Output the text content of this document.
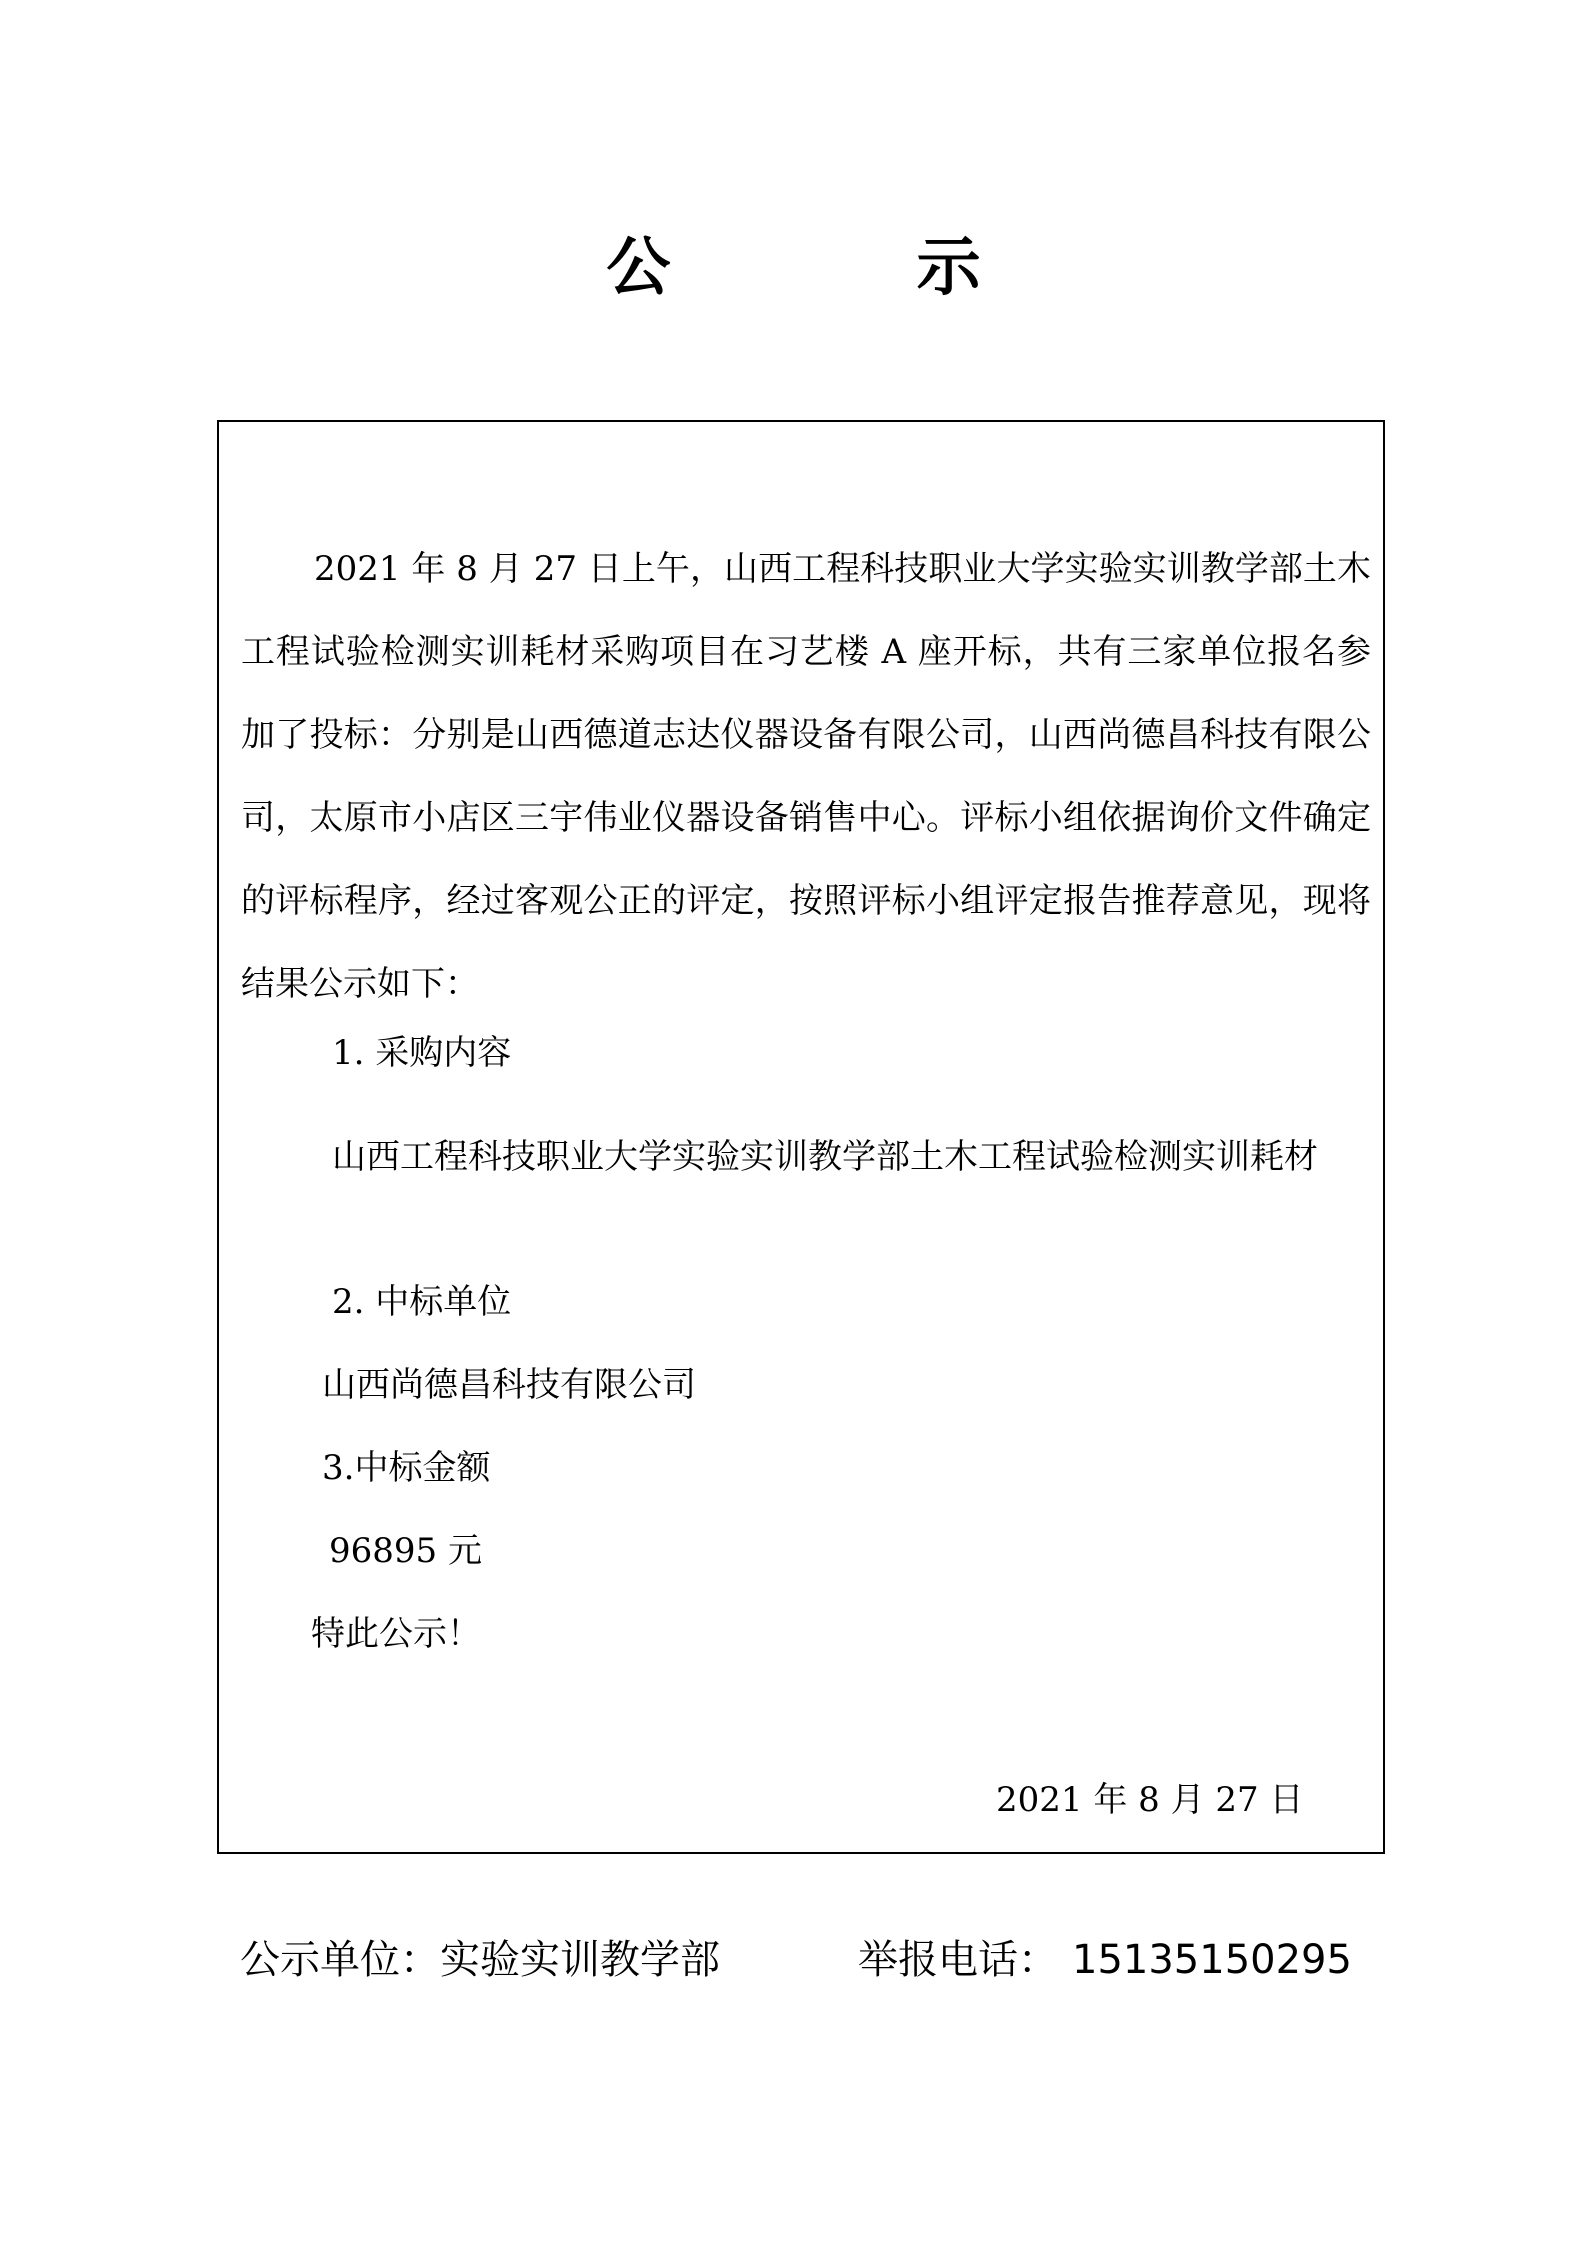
公 示

2021 年 8 月 27 日上午，山西工程科技职业大学实验实训教学部土木工程试验检测实训耗材采购项目在习艺楼 A 座开标，共有三家单位报名参加了投标：分别是山西德道志达仪器设备有限公司，山西尚德昌科技有限公司，太原市小店区三宇伟业仪器设备销售中心。评标小组依据询价文件确定的评标程序，经过客观公正的评定，按照评标小组评定报告推荐意见，现将结果公示如下：

1. 采购内容
山西工程科技职业大学实验实训教学部土木工程试验检测实训耗材
2. 中标单位
山西尚德昌科技有限公司
3.中标金额
96895 元
特此公示！
2021 年 8 月 27 日
公示单位：实验实训教学部	举报电话： 15135150295
